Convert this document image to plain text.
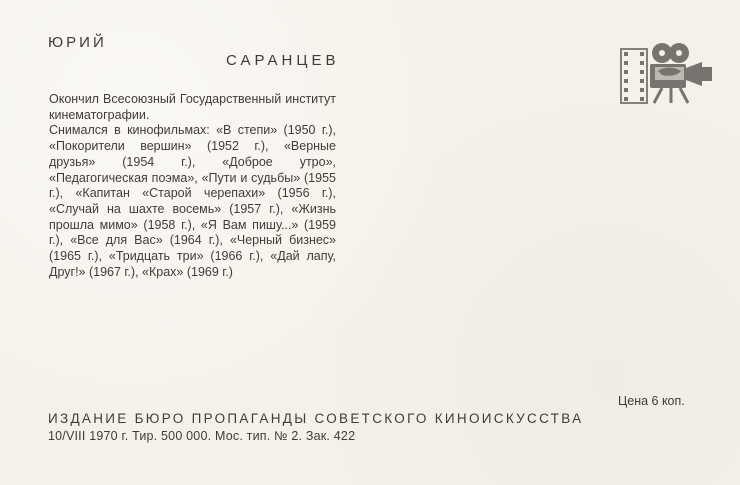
ЮРИЙ
САРАНЦЕВ

Окончил Всесоюзный Государственный институт кинематографии.

Снимался в кинофильмах: «В степи» (1950 г.), «Покорители вершин» (1952 г.), «Верные друзья» (1954 г.), «Доброе утро», «Педагогическая поэма», «Пути и судьбы» (1955 г.), «Капитан «Старой черепахи» (1956 г.), «Случай на шахте восемь» (1957 г.), «Жизнь прошла мимо» (1958 г.), «Я Вам пишу...» (1959 г.), «Все для Вас» (1964 г.), «Черный бизнес» (1965 г.), «Тридцать три» (1966 г.), «Дай лапу, Друг!» (1967 г.), «Крах» (1969 г.)

Цена 6 коп.
ИЗДАНИЕ БЮРО ПРОПАГАНДЫ СОВЕТСКОГО КИНОИСКУССТВА
10/VIII 1970 г. Тир. 500 000. Мос. тип. № 2. Зак. 422
